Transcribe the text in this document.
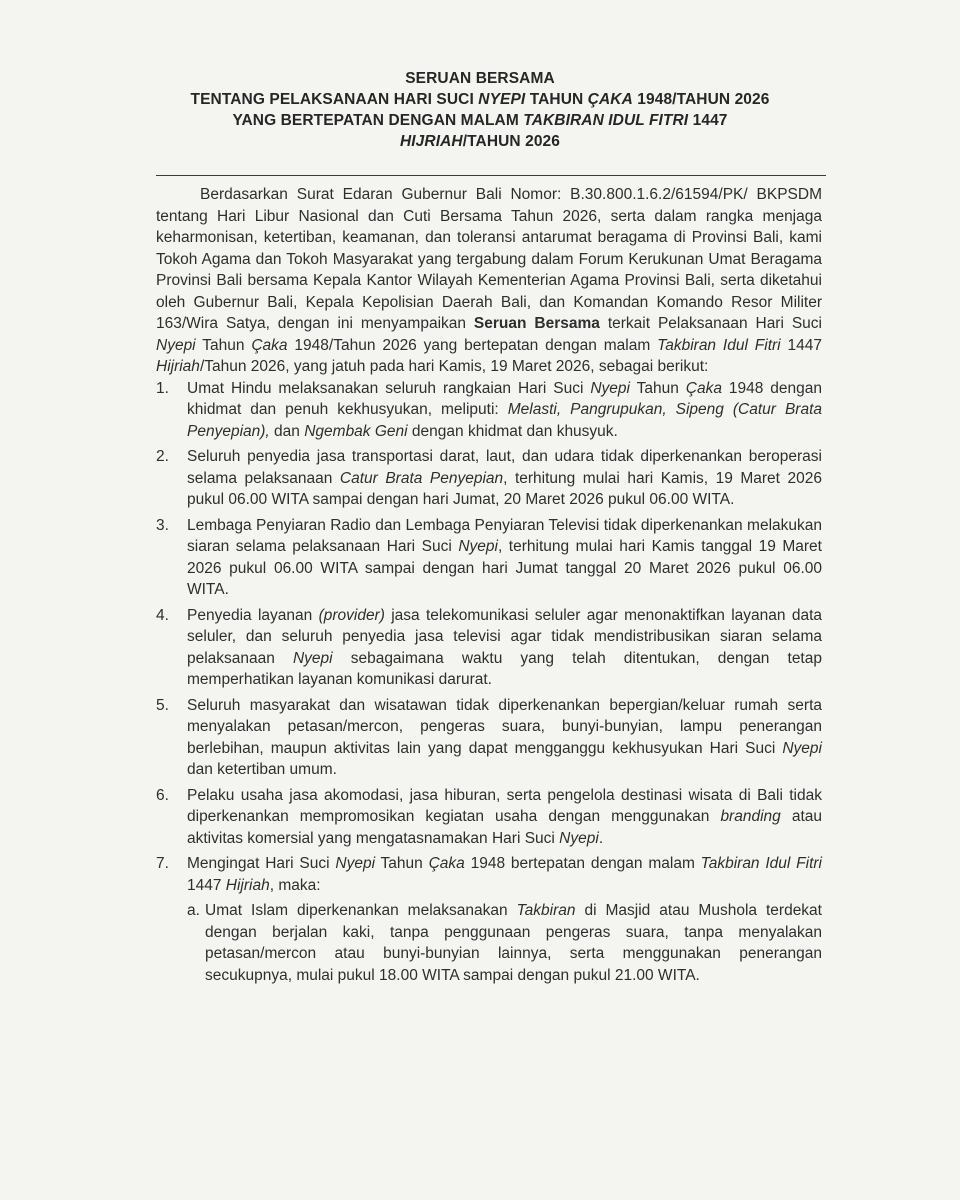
SERUAN BERSAMA
TENTANG PELAKSANAAN HARI SUCI NYEPI TAHUN ÇAKA 1948/TAHUN 2026
YANG BERTEPATAN DENGAN MALAM TAKBIRAN IDUL FITRI 1447
HIJRIAH/TAHUN 2026

Berdasarkan Surat Edaran Gubernur Bali Nomor: B.30.800.1.6.2/61594/PK/ BKPSDM tentang Hari Libur Nasional dan Cuti Bersama Tahun 2026, serta dalam rangka menjaga keharmonisan, ketertiban, keamanan, dan toleransi antarumat beragama di Provinsi Bali, kami Tokoh Agama dan Tokoh Masyarakat yang tergabung dalam Forum Kerukunan Umat Beragama Provinsi Bali bersama Kepala Kantor Wilayah Kementerian Agama Provinsi Bali, serta diketahui oleh Gubernur Bali, Kepala Kepolisian Daerah Bali, dan Komandan Komando Resor Militer 163/Wira Satya, dengan ini menyampaikan Seruan Bersama terkait Pelaksanaan Hari Suci Nyepi Tahun Çaka 1948/Tahun 2026 yang bertepatan dengan malam Takbiran Idul Fitri 1447 Hijriah/Tahun 2026, yang jatuh pada hari Kamis, 19 Maret 2026, sebagai berikut:

1. Umat Hindu melaksanakan seluruh rangkaian Hari Suci Nyepi Tahun Çaka 1948 dengan khidmat dan penuh kekhusyukan, meliputi: Melasti, Pangrupukan, Sipeng (Catur Brata Penyepian), dan Ngembak Geni dengan khidmat dan khusyuk.
2. Seluruh penyedia jasa transportasi darat, laut, dan udara tidak diperkenankan beroperasi selama pelaksanaan Catur Brata Penyepian, terhitung mulai hari Kamis, 19 Maret 2026 pukul 06.00 WITA sampai dengan hari Jumat, 20 Maret 2026 pukul 06.00 WITA.
3. Lembaga Penyiaran Radio dan Lembaga Penyiaran Televisi tidak diperkenankan melakukan siaran selama pelaksanaan Hari Suci Nyepi, terhitung mulai hari Kamis tanggal 19 Maret 2026 pukul 06.00 WITA sampai dengan hari Jumat tanggal 20 Maret 2026 pukul 06.00 WITA.
4. Penyedia layanan (provider) jasa telekomunikasi seluler agar menonaktifkan layanan data seluler, dan seluruh penyedia jasa televisi agar tidak mendistribusikan siaran selama pelaksanaan Nyepi sebagaimana waktu yang telah ditentukan, dengan tetap memperhatikan layanan komunikasi darurat.
5. Seluruh masyarakat dan wisatawan tidak diperkenankan bepergian/keluar rumah serta menyalakan petasan/mercon, pengeras suara, bunyi-bunyian, lampu penerangan berlebihan, maupun aktivitas lain yang dapat mengganggu kekhusyukan Hari Suci Nyepi dan ketertiban umum.
6. Pelaku usaha jasa akomodasi, jasa hiburan, serta pengelola destinasi wisata di Bali tidak diperkenankan mempromosikan kegiatan usaha dengan menggunakan branding atau aktivitas komersial yang mengatasnamakan Hari Suci Nyepi.
7. Mengingat Hari Suci Nyepi Tahun Çaka 1948 bertepatan dengan malam Takbiran Idul Fitri 1447 Hijriah, maka:
a. Umat Islam diperkenankan melaksanakan Takbiran di Masjid atau Mushola terdekat dengan berjalan kaki, tanpa penggunaan pengeras suara, tanpa menyalakan petasan/mercon atau bunyi-bunyian lainnya, serta menggunakan penerangan secukupnya, mulai pukul 18.00 WITA sampai dengan pukul 21.00 WITA.
